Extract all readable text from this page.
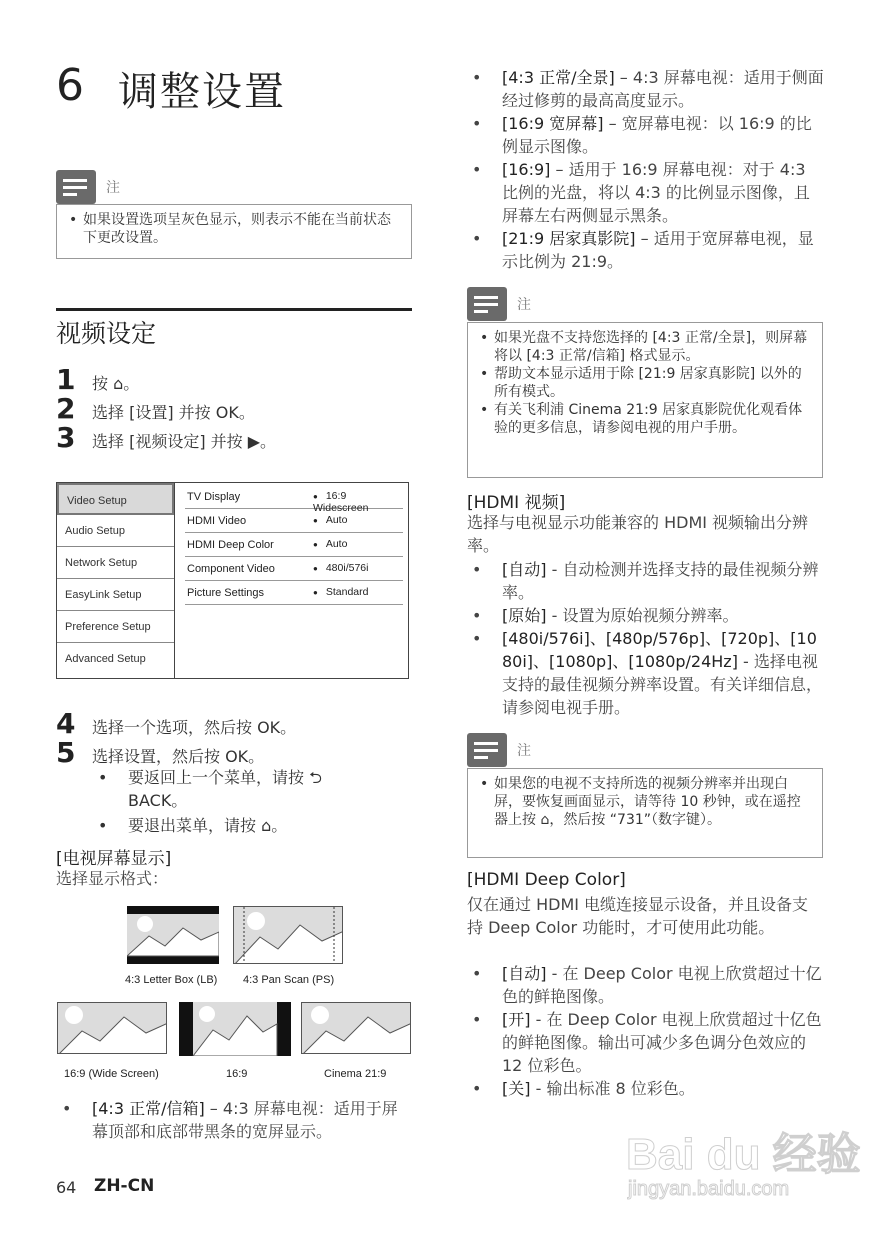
6 调整设置
注
• 如果设置选项呈灰色显示，则表示不能在当前状态下更改设置。
视频设定
1	按 ⌂。
2	选择 [设置] 并按 OK。
3	选择 [视频设定] 并按 ▶。
Video Setup
Audio Setup
Network Setup
EasyLink Setup
Preference Setup
Advanced Setup
TV Display	● 16:9 Widescreen
HDMI Video	● Auto
HDMI Deep Color	● Auto
Component Video	● 480i/576i
Picture Settings	● Standard
4	选择一个选项，然后按 OK。
5	选择设置，然后按 OK。
• 要返回上一个菜单，请按 ⮌ BACK。
• 要退出菜单，请按 ⌂。
[电视屏幕显示]
选择显示格式：
4:3 Letter Box (LB) 4:3 Pan Scan (PS)
16:9 (Wide Screen)	16:9	Cinema 21:9
• [4:3 正常/信箱] – 4:3 屏幕电视：适用于屏幕顶部和底部带黑条的宽屏显示。
64 ZH-CN
• [4:3 正常/全景] – 4:3 屏幕电视：适用于侧面经过修剪的最高高度显示。
• [16:9 宽屏幕] – 宽屏幕电视：以 16:9 的比例显示图像。
• [16:9] – 适用于 16:9 屏幕电视：对于 4:3 比例的光盘，将以 4:3 的比例显示图像，且屏幕左右两侧显示黑条。
• [21:9 居家真影院] – 适用于宽屏幕电视，显示比例为 21:9。
注
• 如果光盘不支持您选择的 [4:3 正常/全景]，则屏幕将以 [4:3 正常/信箱] 格式显示。
• 帮助文本显示适用于除 [21:9 居家真影院] 以外的所有模式。
• 有关飞利浦 Cinema 21:9 居家真影院优化观看体验的更多信息，请参阅电视的用户手册。
[HDMI 视频]
选择与电视显示功能兼容的 HDMI 视频输出分辨率。
• [自动] - 自动检测并选择支持的最佳视频分辨率。
• [原始] - 设置为原始视频分辨率。
• [480i/576i]、[480p/576p]、[720p]、[1080i]、[1080p]、[1080p/24Hz] - 选择电视支持的最佳视频分辨率设置。有关详细信息，请参阅电视手册。
注
• 如果您的电视不支持所选的视频分辨率并出现白屏，要恢复画面显示，请等待 10 秒钟，或在遥控器上按 ⌂，然后按 “731”（数字键）。
[HDMI Deep Color]
仅在通过 HDMI 电缆连接显示设备，并且设备支持 Deep Color 功能时，才可使用此功能。
• [自动] - 在 Deep Color 电视上欣赏超过十亿色的鲜艳图像。
• [开] - 在 Deep Color 电视上欣赏超过十亿色的鲜艳图像。输出可减少多色调分色效应的 12 位彩色。
• [关] - 输出标准 8 位彩色。
Bai du 经验
jingyan.baidu.com
